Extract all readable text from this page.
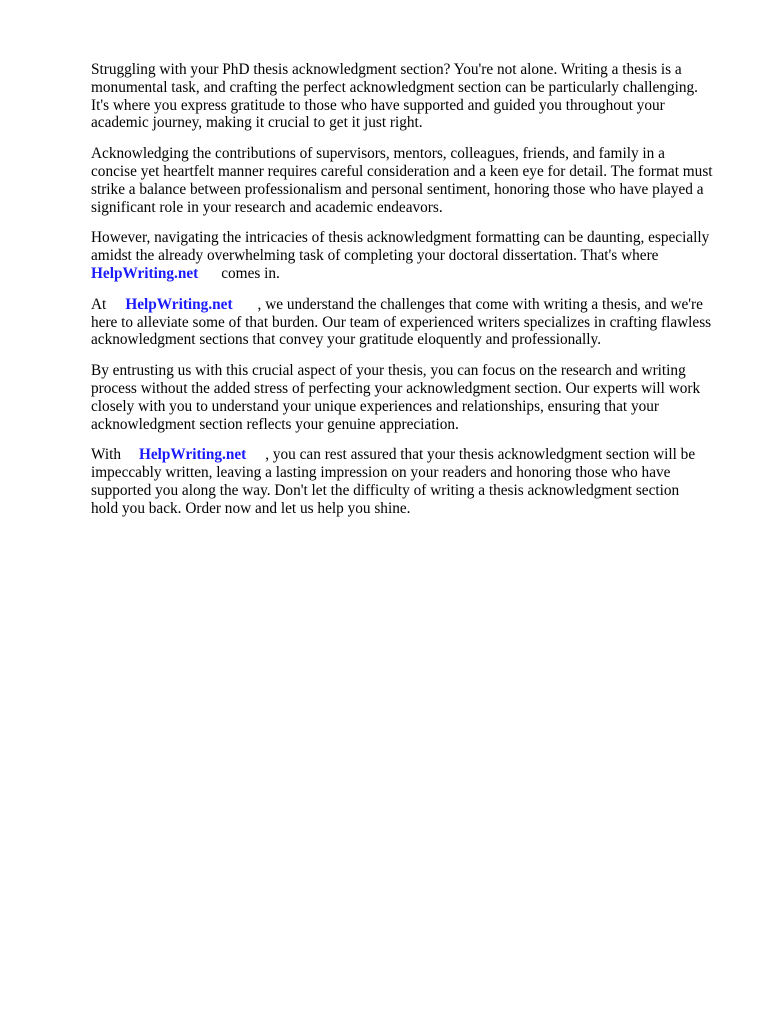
Struggling with your PhD thesis acknowledgment section? You're not alone. Writing a thesis is a
monumental task, and crafting the perfect acknowledgment section can be particularly challenging.
It's where you express gratitude to those who have supported and guided you throughout your
academic journey, making it crucial to get it just right.

Acknowledging the contributions of supervisors, mentors, colleagues, friends, and family in a
concise yet heartfelt manner requires careful consideration and a keen eye for detail. The format must
strike a balance between professionalism and personal sentiment, honoring those who have played a
significant role in your research and academic endeavors.

However, navigating the intricacies of thesis acknowledgment formatting can be daunting, especially
amidst the already overwhelming task of completing your doctoral dissertation. That's where
HelpWriting.net comes in.

At HelpWriting.net , we understand the challenges that come with writing a thesis, and we're
here to alleviate some of that burden. Our team of experienced writers specializes in crafting flawless
acknowledgment sections that convey your gratitude eloquently and professionally.

By entrusting us with this crucial aspect of your thesis, you can focus on the research and writing
process without the added stress of perfecting your acknowledgment section. Our experts will work
closely with you to understand your unique experiences and relationships, ensuring that your
acknowledgment section reflects your genuine appreciation.

With HelpWriting.net , you can rest assured that your thesis acknowledgment section will be
impeccably written, leaving a lasting impression on your readers and honoring those who have
supported you along the way. Don't let the difficulty of writing a thesis acknowledgment section
hold you back. Order now and let us help you shine.
